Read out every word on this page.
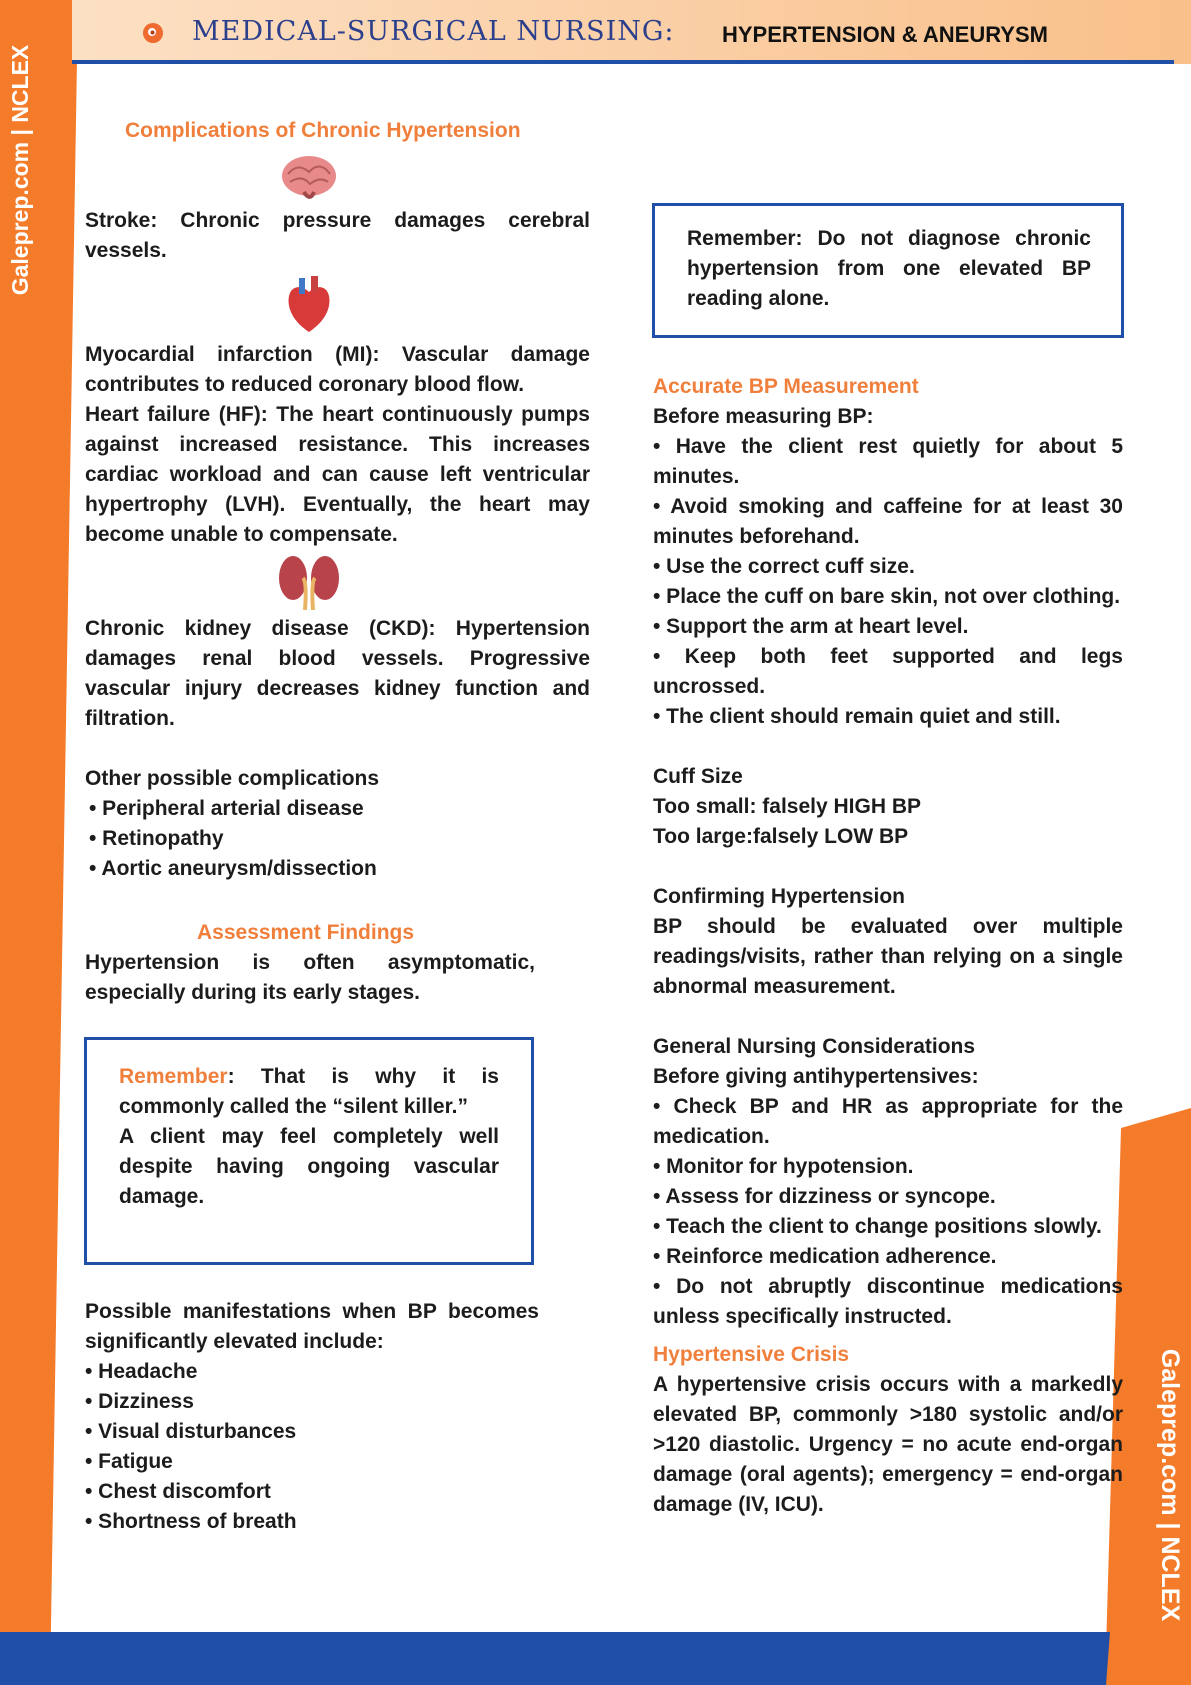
Galeprep.com | NCLEX
Galeprep.com | NCLEX
MEDICAL-SURGICAL NURSING: HYPERTENSION & ANEURYSM

Complications of Chronic Hypertension

Stroke: Chronic pressure damages cerebral vessels.

Myocardial infarction (MI): Vascular damage contributes to reduced coronary blood flow.

Heart failure (HF): The heart continuously pumps against increased resistance. This increases cardiac workload and can cause left ventricular hypertrophy (LVH). Eventually, the heart may become unable to compensate.

Chronic kidney disease (CKD): Hypertension damages renal blood vessels. Progressive vascular injury decreases kidney function and filtration.

Other possible complications

• Peripheral arterial disease
• Retinopathy
• Aortic aneurysm/dissection

Assessment Findings

Hypertension is often asymptomatic, especially during its early stages.

Remember: That is why it is commonly called the “silent killer.”

A client may feel completely well despite having ongoing vascular damage.

Possible manifestations when BP becomes significantly elevated include:

• Headache
• Dizziness
• Visual disturbances
• Fatigue
• Chest discomfort
• Shortness of breath

Remember: Do not diagnose chronic hypertension from one elevated BP reading alone.

Accurate BP Measurement

Before measuring BP:

• Have the client rest quietly for about 5 minutes.
• Avoid smoking and caffeine for at least 30 minutes beforehand.
• Use the correct cuff size.
• Place the cuff on bare skin, not over clothing.
• Support the arm at heart level.
• Keep both feet supported and legs uncrossed.
• The client should remain quiet and still.

Cuff Size

Too small: falsely HIGH BP

Too large:falsely LOW BP

Confirming Hypertension

BP should be evaluated over multiple readings/visits, rather than relying on a single abnormal measurement.

General Nursing Considerations

Before giving antihypertensives:

• Check BP and HR as appropriate for the medication.
• Monitor for hypotension.
• Assess for dizziness or syncope.
• Teach the client to change positions slowly.
• Reinforce medication adherence.
• Do not abruptly discontinue medications unless specifically instructed.

Hypertensive Crisis

A hypertensive crisis occurs with a markedly elevated BP, commonly >180 systolic and/or >120 diastolic. Urgency = no acute end-organ damage (oral agents); emergency = end-organ damage (IV, ICU).
